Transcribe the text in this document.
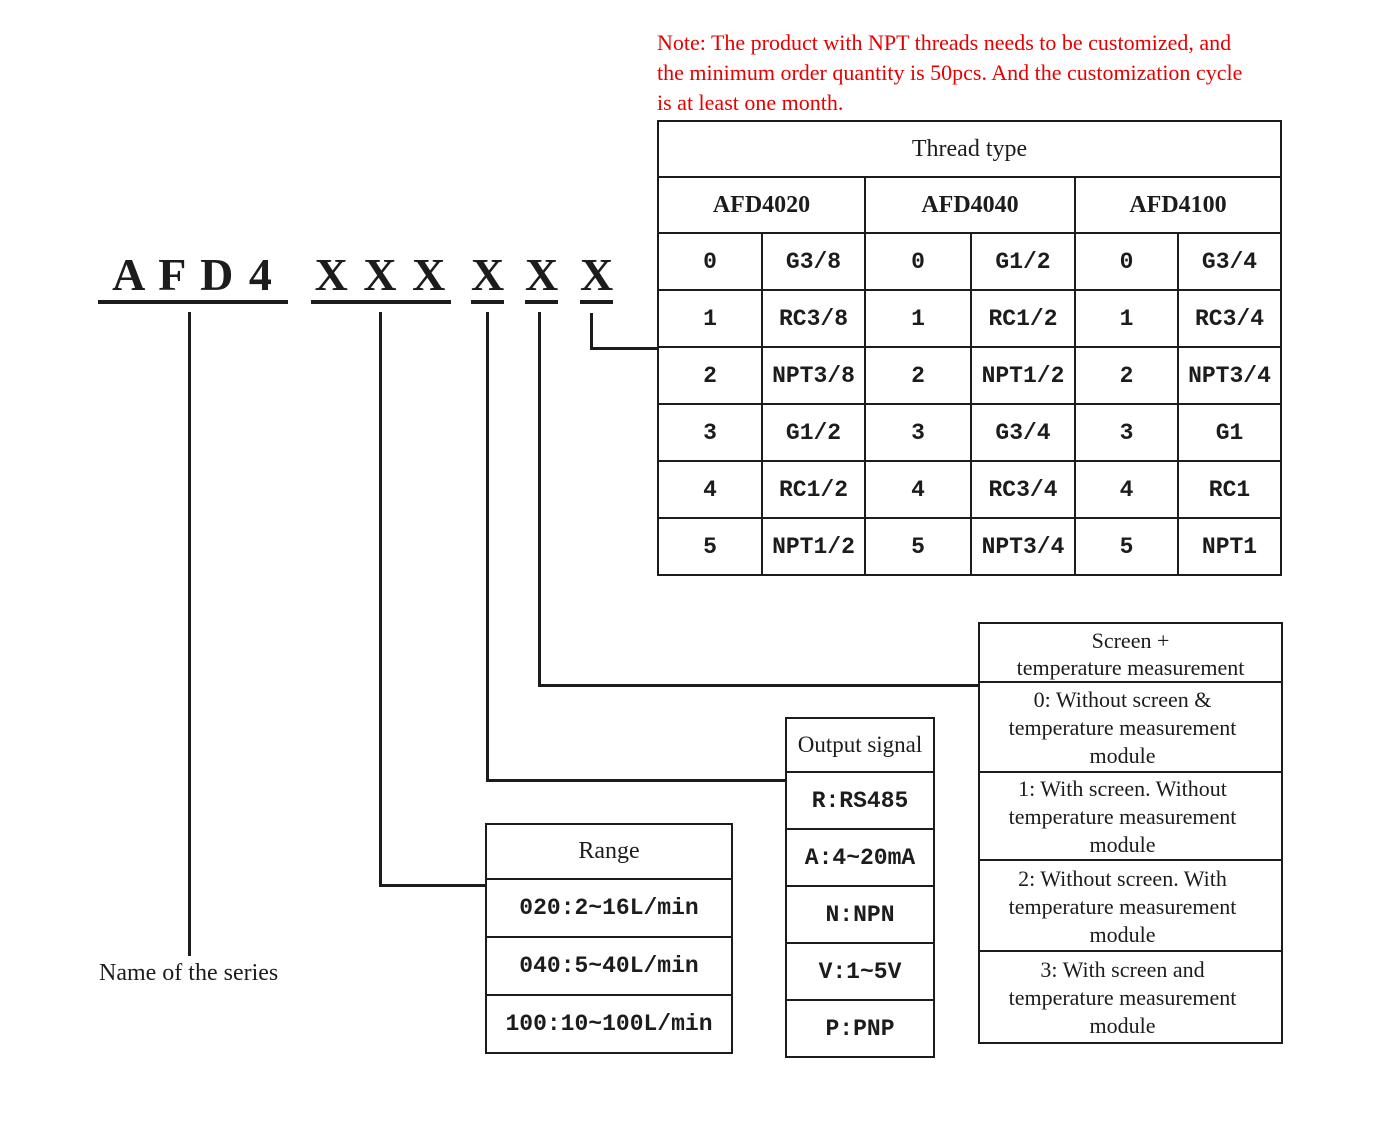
Note: The product with NPT threads needs to be customized, and
the minimum order quantity is 50pcs. And the customization cycle
is at least one month.
A F D 4 X X X X X X
Thread type					
AFD4020		AFD4040		AFD4100	
0	G3/8	0	G1/2	0	G3/4
1	RC3/8	1	RC1/2	1	RC3/4
2	NPT3/8	2	NPT1/2	2	NPT3/4
3	G1/2	3	G3/4	3	G1
4	RC1/2	4	RC3/4	4	RC1
5	NPT1/2	5	NPT3/4	5	NPT1
Range
020:2~16L/min
040:5~40L/min
100:10~100L/min
Output signal
R:RS485
A:4~20mA
N:NPN
V:1~5V
P:PNP
Screen +
temperature measurement

0: Without screen & temperature measurement module
1: With screen. Without temperature measurement module
2: Without screen. With temperature measurement module
3: With screen and temperature measurement module
Name of the series
